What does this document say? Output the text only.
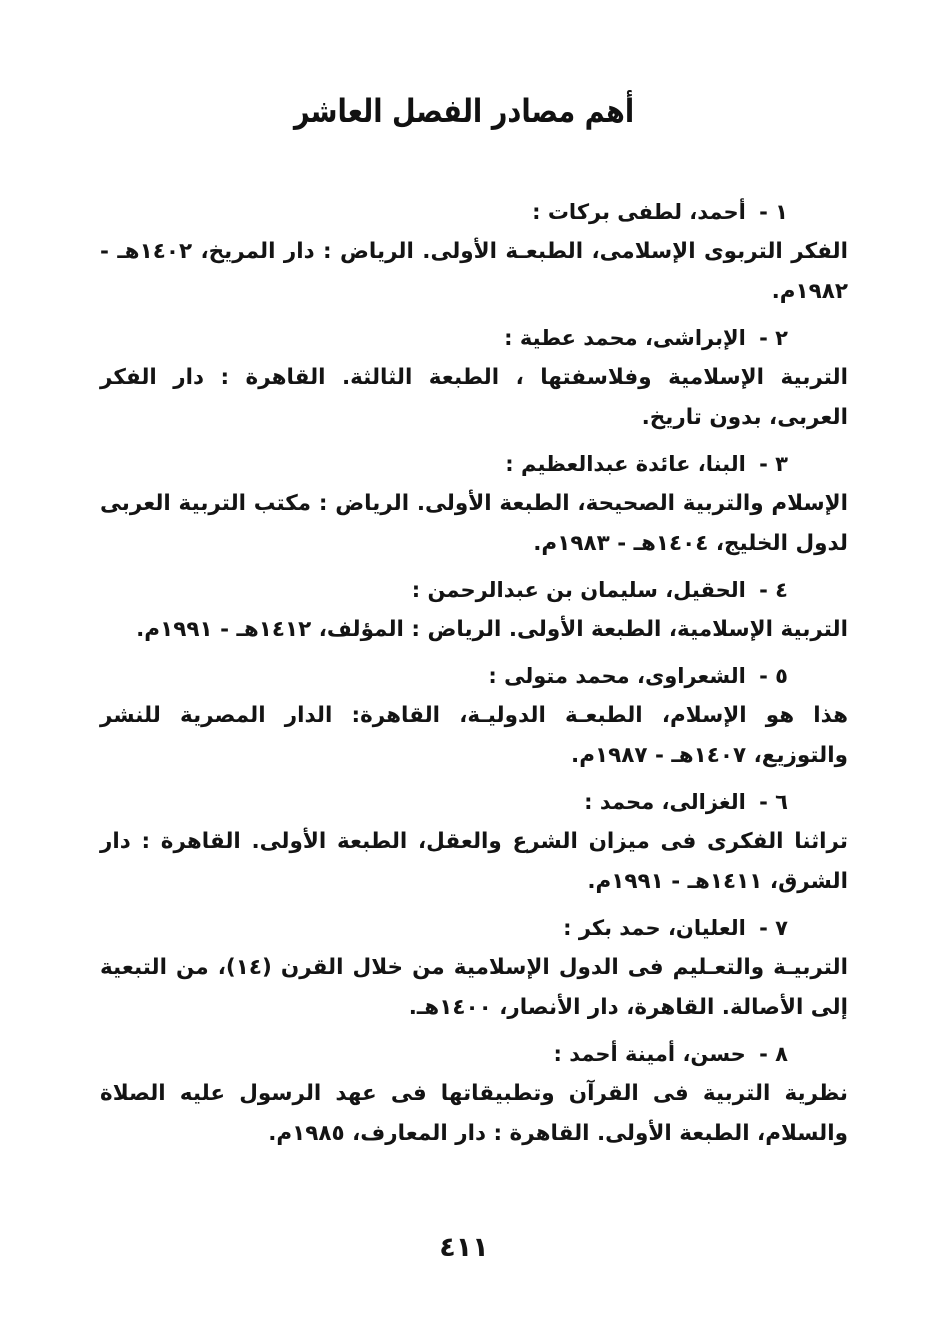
أهم مصادر الفصل العاشر
١ - أحمد، لطفى بركات :
الفكر التربوى الإسلامى، الطبعـة الأولى. الرياض : دار المريخ، ١٤٠٢هـ - ١٩٨٢م.
٢ - الإبراشى، محمد عطية :
التربية الإسلامية وفلاسفتها ، الطبعة الثالثة. القاهرة : دار الفكر العربى، بدون تاريخ.
٣ - البنا، عائدة عبدالعظيم :
الإسلام والتربية الصحيحة، الطبعة الأولى. الرياض : مكتب التربية العربى لدول الخليج، ١٤٠٤هـ - ١٩٨٣م.
٤ - الحقيل، سليمان بن عبدالرحمن :
التربية الإسلامية، الطبعة الأولى. الرياض : المؤلف، ١٤١٢هـ - ١٩٩١م.
٥ - الشعراوى، محمد متولى :
هذا هو الإسلام، الطبعـة الدوليـة، القاهرة: الدار المصرية للنشر والتوزيع، ١٤٠٧هـ - ١٩٨٧م.
٦ - الغزالى، محمد :
تراثنا الفكرى فى ميزان الشرع والعقل، الطبعة الأولى. القاهرة : دار الشرق، ١٤١١هـ - ١٩٩١م.
٧ - العليان، حمد بكر :
التربيـة والتعـليم فى الدول الإسلامية من خلال القرن (١٤)، من التبعية إلى الأصالة. القاهرة، دار الأنصار، ١٤٠٠هـ.
٨ - حسن، أمينة أحمد :
نظرية التربية فى القرآن وتطبيقاتها فى عهد الرسول عليه الصلاة والسلام، الطبعة الأولى. القاهرة : دار المعارف، ١٩٨٥م.
٤١١
